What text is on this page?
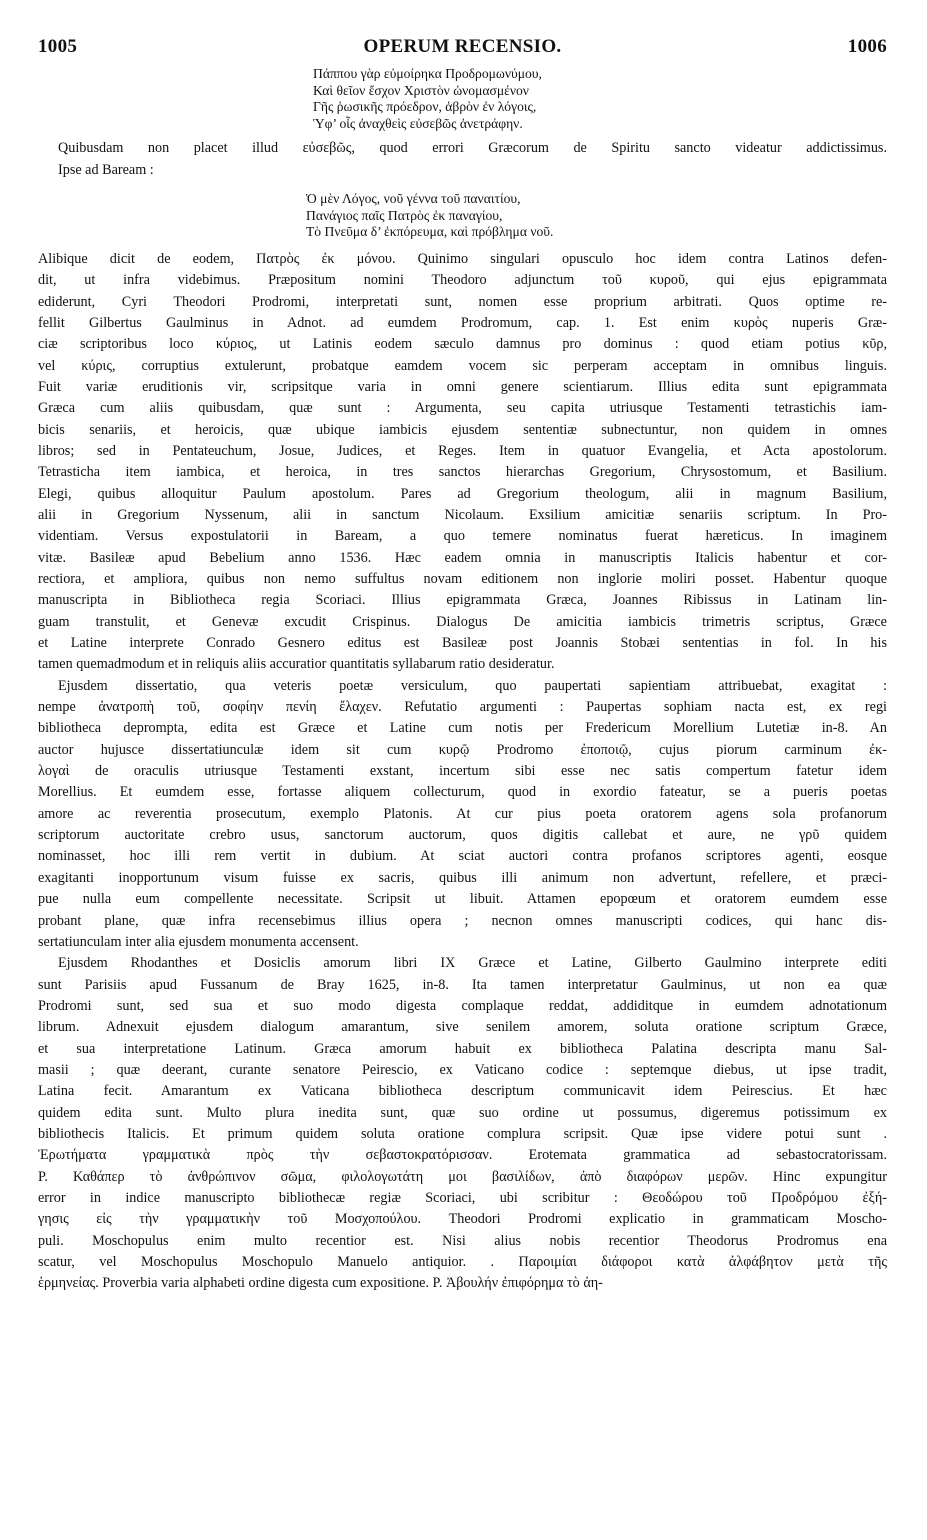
1005	OPERUM RECENSIO.	1006
Πάππου γὰρ εὐμοίρηκα Προδρομωνύμου,
Καὶ θεῖον ἔσχον Χριστὸν ὠνομασμένον
Γῆς ῥωσικῆς πρόεδρον, ἁβρὸν ἐν λόγοις,
Ὑφ’ οἷς ἀναχθεὶς εὐσεβῶς ἀνετράφην.
Quibusdam non placet illud εὐσεβῶς, quod errori Græcorum de Spiritu sancto videatur addictissimus.
Ipse ad Baream :
Ὁ μὲν Λόγος, νοῦ γέννα τοῦ παναιτίου,
Πανάγιος παῖς Πατρὸς ἐκ παναγίου,
Τὸ Πνεῦμα δ’ ἐκπόρευμα, καὶ πρόβλημα νοῦ.
Alibique dicit de eodem, Πατρὸς ἐκ μόνου. Quinimo singulari opusculo hoc idem contra Latinos defen-
dit, ut infra videbimus. Præpositum nomini Theodoro adjunctum τοῦ κυροῦ, qui ejus epigrammata
ediderunt, Cyri Theodori Prodromi, interpretati sunt, nomen esse proprium arbitrati. Quos optime re-
fellit Gilbertus Gaulminus in Adnot. ad eumdem Prodromum, cap. 1. Est enim κυρὸς nuperis Græ-
ciæ scriptoribus loco κύριος, ut Latinis eodem sæculo damnus pro dominus : quod etiam potius κῦρ,
vel κύρις, corruptius extulerunt, probatque eamdem vocem sic perperam acceptam in omnibus linguis.
Fuit variæ eruditionis vir, scripsitque varia in omni genere scientiarum. Illius edita sunt epigrammata
Græca cum aliis quibusdam, quæ sunt : Argumenta, seu capita utriusque Testamenti tetrastichis iam-
bicis senariis, et heroicis, quæ ubique iambicis ejusdem sententiæ subnectuntur, non quidem in omnes
libros; sed in Pentateuchum, Josue, Judices, et Reges. Item in quatuor Evangelia, et Acta apostolorum.
Tetrasticha item iambica, et heroica, in tres sanctos hierarchas Gregorium, Chrysostomum, et Basilium.
Elegi, quibus alloquitur Paulum apostolum. Pares ad Gregorium theologum, alii in magnum Basilium,
alii in Gregorium Nyssenum, alii in sanctum Nicolaum. Exsilium amicitiæ senariis scriptum. In Pro-
videntiam. Versus expostulatorii in Baream, a quo temere nominatus fuerat hæreticus. In imaginem
vitæ. Basileæ apud Bebelium anno 1536. Hæc eadem omnia in manuscriptis Italicis habentur et cor-
rectiora, et ampliora, quibus non nemo suffultus novam editionem non inglorie moliri posset. Habentur quoque
manuscripta in Bibliotheca regia Scoriaci. Illius epigrammata Græca, Joannes Ribissus in Latinam lin-
guam transtulit, et Genevæ excudit Crispinus. Dialogus De amicitia iambicis trimetris scriptus, Græce
et Latine interprete Conrado Gesnero editus est Basileæ post Joannis Stobæi sententias in fol. In his
tamen quemadmodum et in reliquis aliis accuratior quantitatis syllabarum ratio desideratur.
Ejusdem dissertatio, qua veteris poetæ versiculum, quo paupertati sapientiam attribuebat, exagitat :
nempe ἀνατροπὴ τοῦ, σοφίην πενίη ἔλαχεν. Refutatio argumenti : Paupertas sophiam nacta est, ex regi
bibliotheca deprompta, edita est Græce et Latine cum notis per Fredericum Morellium Lutetiæ in-8. An
auctor hujusce dissertatiunculæ idem sit cum κυρῷ Prodromo ἐποποιῷ, cujus piorum carminum ἐκ-
λογαὶ de oraculis utriusque Testamenti exstant, incertum sibi esse nec satis compertum fatetur idem
Morellius. Et eumdem esse, fortasse aliquem collecturum, quod in exordio fateatur, se a pueris poetas
amore ac reverentia prosecutum, exemplo Platonis. At cur pius poeta oratorem agens sola profanorum
scriptorum auctoritate crebro usus, sanctorum auctorum, quos digitis callebat et aure, ne γρῦ quidem
nominasset, hoc illi rem vertit in dubium. At sciat auctori contra profanos scriptores agenti, eosque
exagitanti inopportunum visum fuisse ex sacris, quibus illi animum non advertunt, refellere, et præci-
pue nulla eum compellente necessitate. Scripsit ut libuit. Attamen epopœum et oratorem eumdem esse
probant plane, quæ infra recensebimus illius opera ; necnon omnes manuscripti codices, qui hanc dis-
sertatiunculam inter alia ejusdem monumenta accensent.
Ejusdem Rhodanthes et Dosiclis amorum libri IX Græce et Latine, Gilberto Gaulmino interprete editi
sunt Parisiis apud Fussanum de Bray 1625, in-8. Ita tamen interpretatur Gaulminus, ut non ea quæ
Prodromi sunt, sed sua et suo modo digesta complaque reddat, addiditque in eumdem adnotationum
librum. Adnexuit ejusdem dialogum amarantum, sive senilem amorem, soluta oratione scriptum Græce,
et sua interpretatione Latinum. Græca amorum habuit ex bibliotheca Palatina descripta manu Sal-
masii ; quæ deerant, curante senatore Peirescio, ex Vaticano codice : septemque diebus, ut ipse tradit,
Latina fecit. Amarantum ex Vaticana bibliotheca descriptum communicavit idem Peirescius. Et hæc
quidem edita sunt. Multo plura inedita sunt, quæ suo ordine ut possumus, digeremus potissimum ex
bibliothecis Italicis. Et primum quidem soluta oratione complura scripsit. Quæ ipse videre potui sunt .
Ἐρωτήματα γραμματικὰ πρὸς τὴν σεβαστοκρατόρισσαν. Erotemata grammatica ad sebastocratorissam.
P. Καθάπερ τὸ ἀνθρώπινον σῶμα, φιλολογωτάτη μοι βασιλίδων, ἀπὸ διαφόρων μερῶν. Hinc expungitur
error in indice manuscripto bibliothecæ regiæ Scoriaci, ubi scribitur : Θεοδώρου τοῦ Προδρόμου ἐξή-
γησις εἰς τὴν γραμματικὴν τοῦ Μοσχοπούλου. Theodori Prodromi explicatio in grammaticam Moscho-
puli. Moschopulus enim multo recentior est. Nisi alius nobis recentior Theodorus Prodromus ena
scatur, vel Moschopulus Moschopulo Manuelo antiquior. . Παροιμίαι διάφοροι κατὰ ἀλφάβητον μετὰ τῆς
ἑρμηνείας. Proverbia varia alphabeti ordine digesta cum expositione. P. Ἀβουλήν ἐπιφόρημα τὸ ἀη-
